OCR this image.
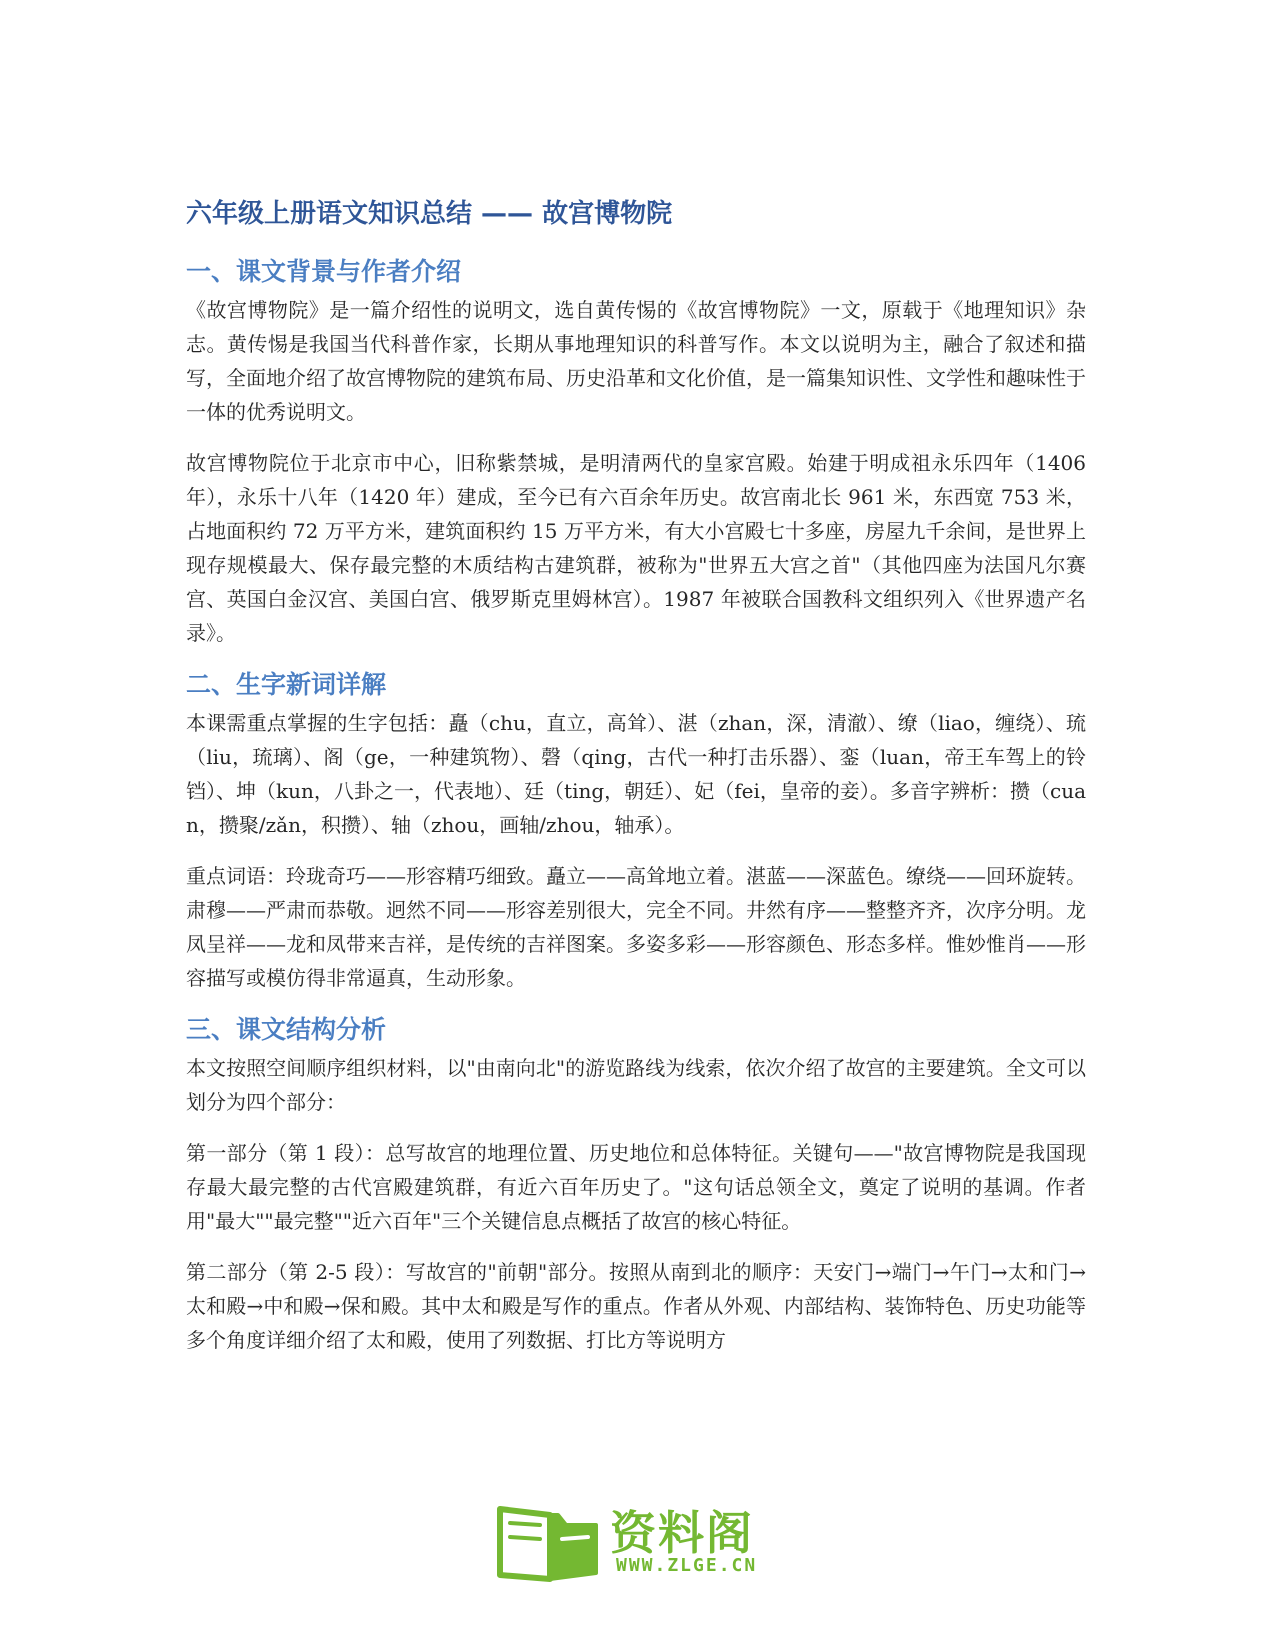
六年级上册语文知识总结 —— 故宫博物院
一、课文背景与作者介绍

《故宫博物院》是一篇介绍性的说明文，选自黄传惕的《故宫博物院》一文，原载于《地理知识》杂志。黄传惕是我国当代科普作家，长期从事地理知识的科普写作。本文以说明为主，融合了叙述和描写，全面地介绍了故宫博物院的建筑布局、历史沿革和文化价值，是一篇集知识性、文学性和趣味性于一体的优秀说明文。

故宫博物院位于北京市中心，旧称紫禁城，是明清两代的皇家宫殿。始建于明成祖永乐四年（1406 年），永乐十八年（1420 年）建成，至今已有六百余年历史。故宫南北长 961 米，东西宽 753 米，占地面积约 72 万平方米，建筑面积约 15 万平方米，有大小宫殿七十多座，房屋九千余间，是世界上现存规模最大、保存最完整的木质结构古建筑群，被称为"世界五大宫之首"（其他四座为法国凡尔赛宫、英国白金汉宫、美国白宫、俄罗斯克里姆林宫）。1987 年被联合国教科文组织列入《世界遗产名录》。

二、生字新词详解

本课需重点掌握的生字包括：矗（chu，直立，高耸）、湛（zhan，深，清澈）、缭（liao，缠绕）、琉（liu，琉璃）、阁（ge，一种建筑物）、磬（qing，古代一种打击乐器）、銮（luan，帝王车驾上的铃铛）、坤（kun，八卦之一，代表地）、廷（ting，朝廷）、妃（fei，皇帝的妾）。多音字辨析：攒（cuan，攒聚/zǎn，积攒）、轴（zhou，画轴/zhou，轴承）。

重点词语：玲珑奇巧——形容精巧细致。矗立——高耸地立着。湛蓝——深蓝色。缭绕——回环旋转。肃穆——严肃而恭敬。迥然不同——形容差别很大，完全不同。井然有序——整整齐齐，次序分明。龙凤呈祥——龙和凤带来吉祥，是传统的吉祥图案。多姿多彩——形容颜色、形态多样。惟妙惟肖——形容描写或模仿得非常逼真，生动形象。

三、课文结构分析

本文按照空间顺序组织材料，以"由南向北"的游览路线为线索，依次介绍了故宫的主要建筑。全文可以划分为四个部分：

第一部分（第 1 段）：总写故宫的地理位置、历史地位和总体特征。关键句——"故宫博物院是我国现存最大最完整的古代宫殿建筑群，有近六百年历史了。"这句话总领全文，奠定了说明的基调。作者用"最大""最完整""近六百年"三个关键信息点概括了故宫的核心特征。

第二部分（第 2-5 段）：写故宫的"前朝"部分。按照从南到北的顺序：天安门→端门→午门→太和门→太和殿→中和殿→保和殿。其中太和殿是写作的重点。作者从外观、内部结构、装饰特色、历史功能等多个角度详细介绍了太和殿，使用了列数据、打比方等说明方

资料阁
WWW.ZLGE.CN
